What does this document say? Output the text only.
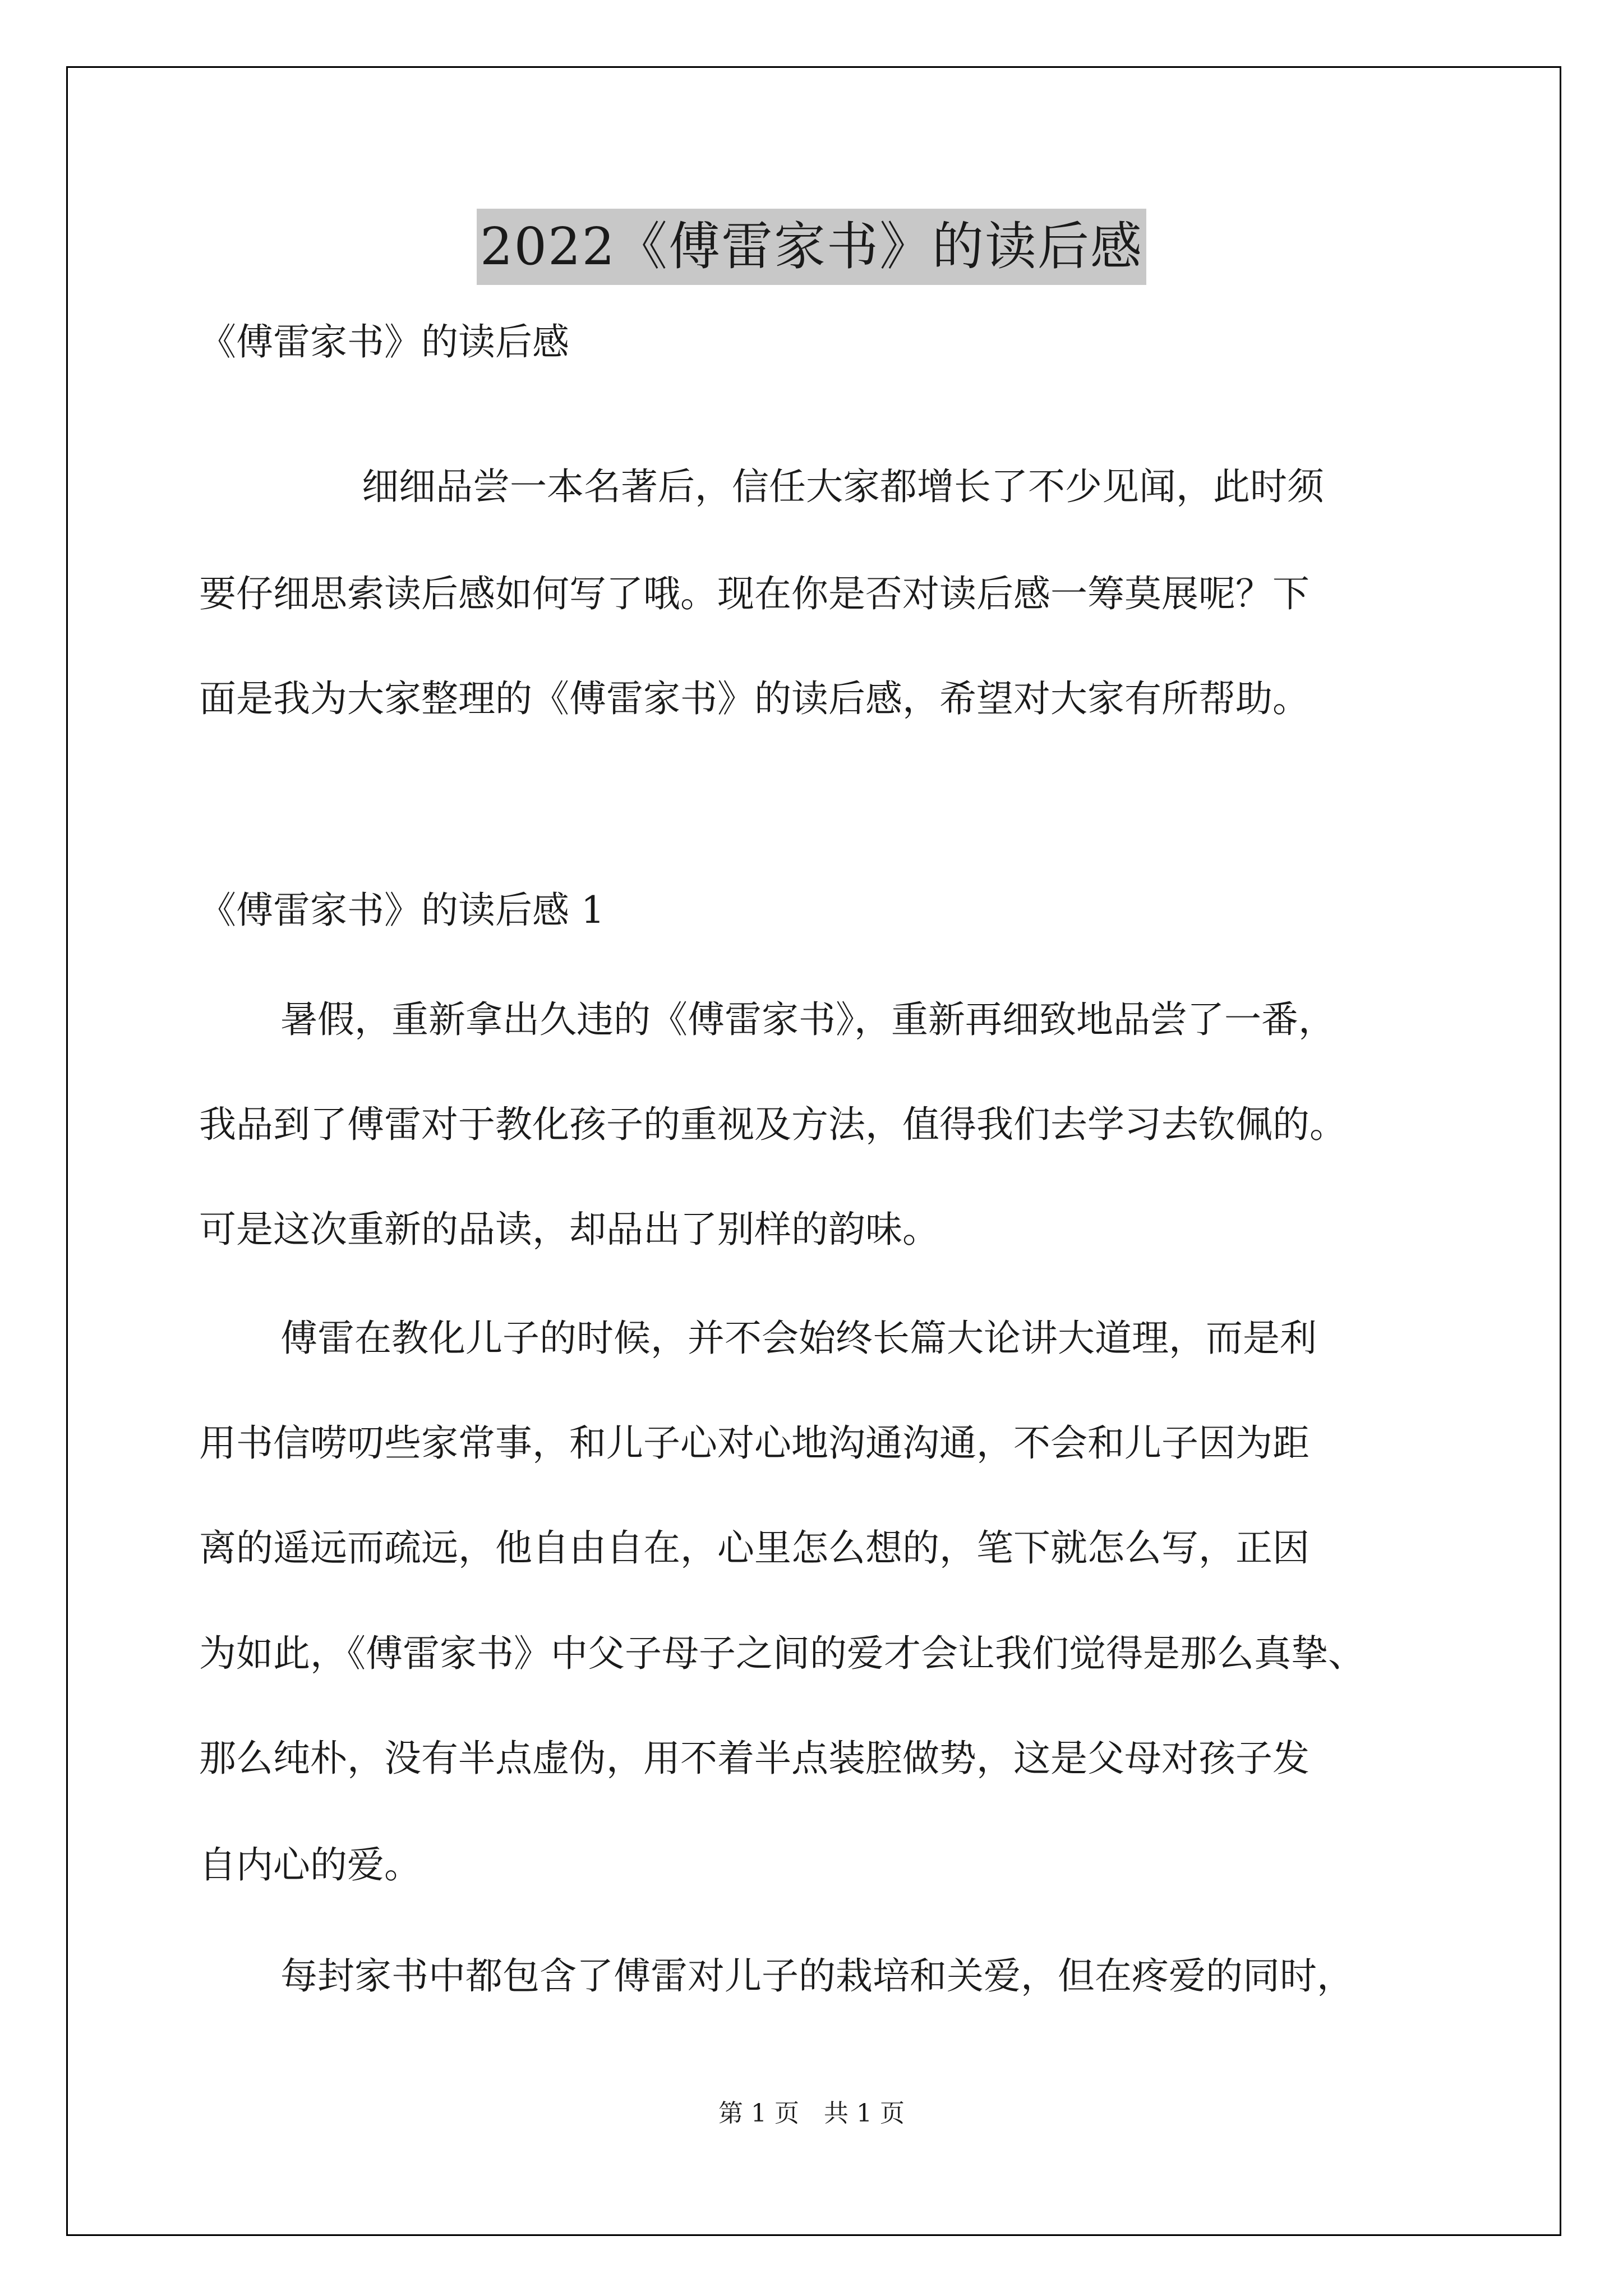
2022《傅雷家书》的读后感

《傅雷家书》的读后感

细细品尝一本名著后，信任大家都增长了不少见闻，此时须

要仔细思索读后感如何写了哦。现在你是否对读后感一筹莫展呢？下

面是我为大家整理的《傅雷家书》的读后感，希望对大家有所帮助。

《傅雷家书》的读后感 1

暑假，重新拿出久违的《傅雷家书》，重新再细致地品尝了一番，

我品到了傅雷对于教化孩子的重视及方法，值得我们去学习去钦佩的。

可是这次重新的品读，却品出了别样的韵味。

傅雷在教化儿子的时候，并不会始终长篇大论讲大道理，而是利

用书信唠叨些家常事，和儿子心对心地沟通沟通，不会和儿子因为距

离的遥远而疏远，他自由自在，心里怎么想的，笔下就怎么写，正因

为如此，《傅雷家书》中父子母子之间的爱才会让我们觉得是那么真挚、

那么纯朴，没有半点虚伪，用不着半点装腔做势，这是父母对孩子发

自内心的爱。

每封家书中都包含了傅雷对儿子的栽培和关爱，但在疼爱的同时，

第 1 页　共 1 页
